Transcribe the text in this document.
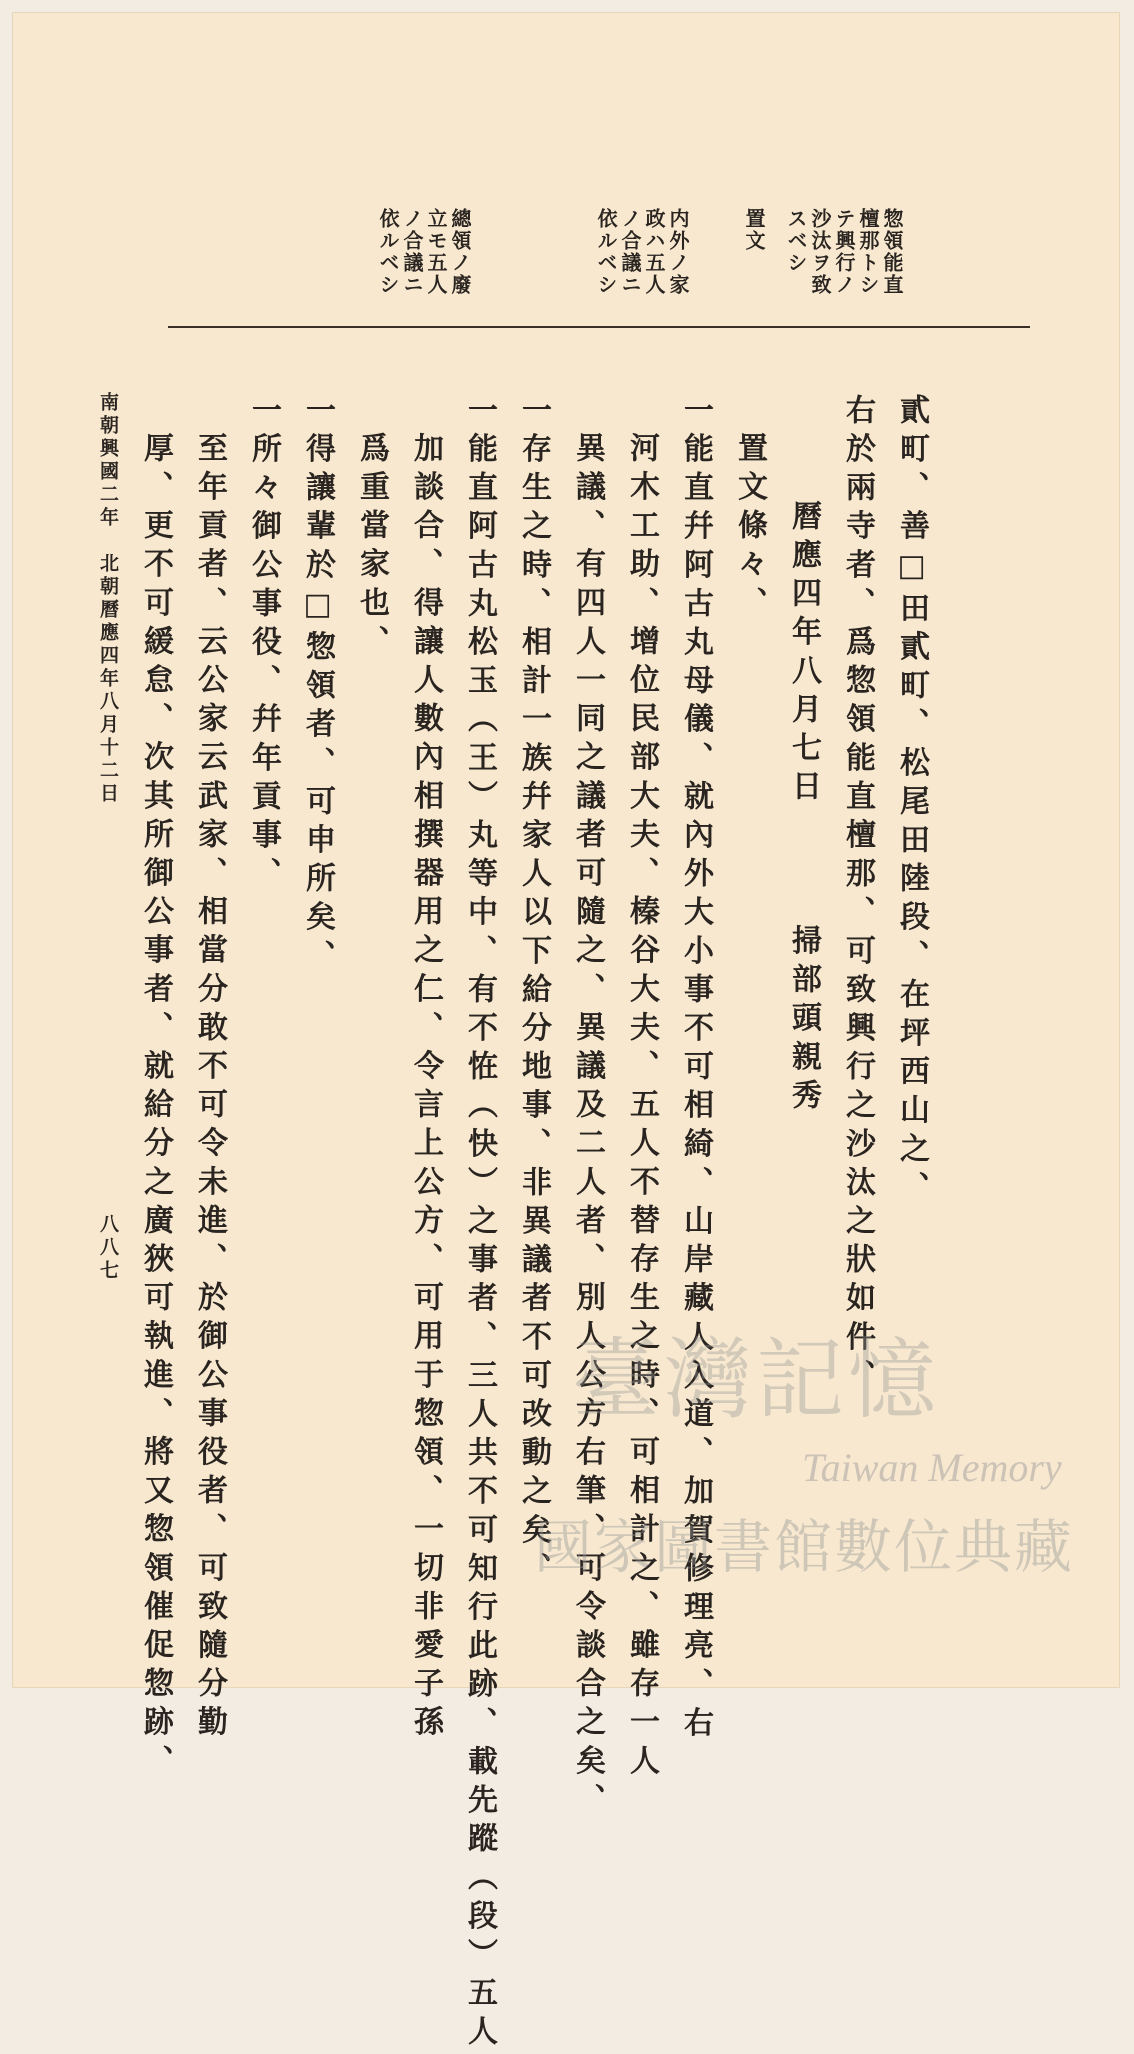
惣領能直
檀那トシ
テ興行ノ
沙汰ヲ致
スベシ
置文
内外ノ家
政ハ五人
ノ合議ニ
依ルベシ
總領ノ廢
立モ五人
ノ合議ニ
依ルベシ
貳町、善□田貳町、松尾田陸段、在坪西山之、
右於兩寺者、爲惣領能直檀那、可致興行之沙汰之狀如件、
曆應四年八月七日　　　掃部頭親秀
置文條々、
一能直幷阿古丸母儀、就內外大小事不可相綺、山岸藏人入道、加賀修理亮、右
河木工助、增位民部大夫、榛谷大夫、五人不替存生之時、可相計之、雖存一人
異議、有四人一同之議者可隨之、異議及二人者、別人公方右筆、可令談合之矣、
一存生之時、相計一族幷家人以下給分地事、非異議者不可改動之矣、
一能直阿古丸松玉（王）丸等中、有不恠（快）之事者、三人共不可知行此跡、載先蹤（段）五人
加談合、得讓人數內相撰器用之仁、令言上公方、可用于惣領、一切非愛子孫
爲重當家也、
一得讓輩於□惣領者、可申所矣、
一所々御公事役、幷年貢事、
至年貢者、云公家云武家、相當分敢不可令未進、於御公事役者、可致隨分勤
厚、更不可緩怠、次其所御公事者、就給分之廣狹可執進、將又惣領催促惣跡、
南朝興國二年　北朝曆應四年八月十二日
八八七
臺灣記憶
Taiwan Memory
國家圖書館數位典藏
